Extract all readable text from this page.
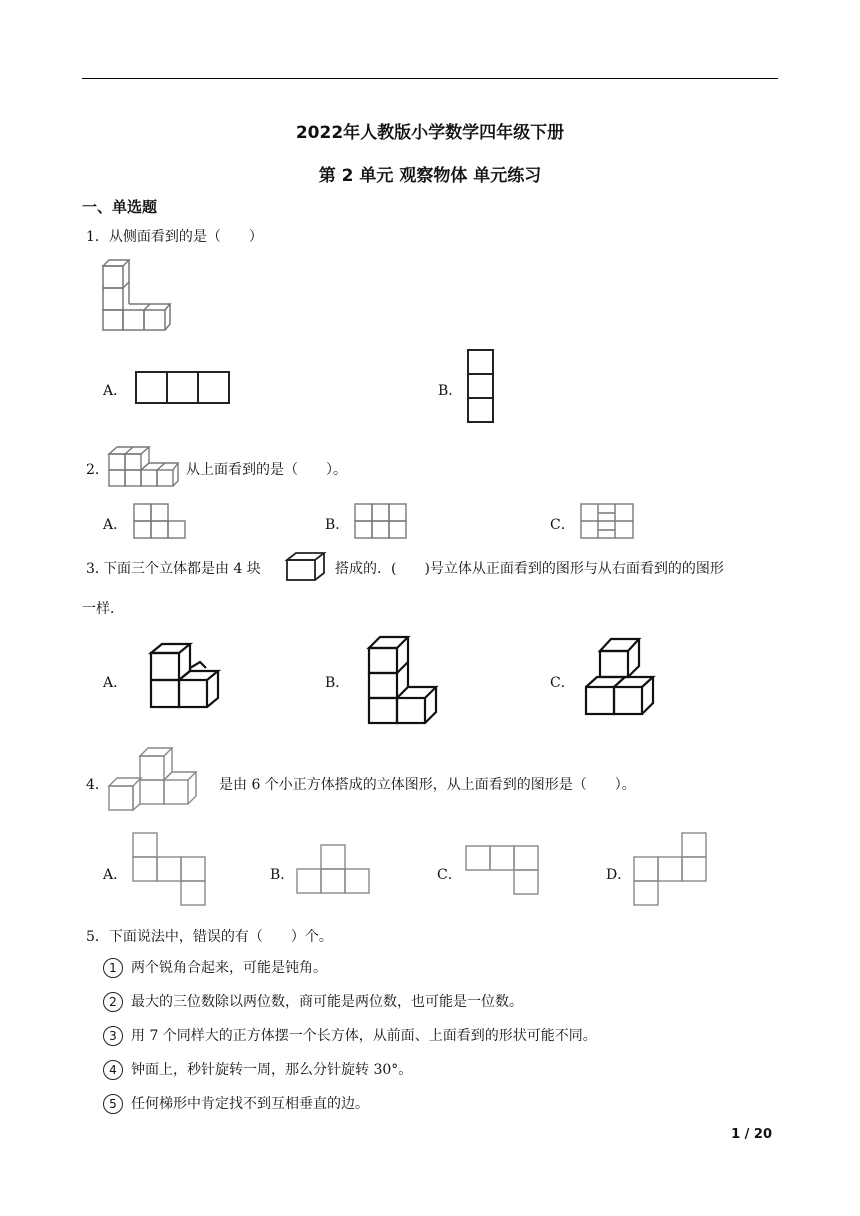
2022年人教版小学数学四年级下册
第 2 单元 观察物体 单元练习
一、单选题
1．从侧面看到的是（　　）
A．	B．
2．	从上面看到的是（　　）。
A．	B．	C．
3．
下面三个立体都是由 4 块	搭成的．(　　)号立体从正面看到的图形与从右面看到的的图形
一样．
A．	B．	C．
4．	是由 6 个小正方体搭成的立体图形，从上面看到的图形是（　　）。
A．	B．	C．	D．
5．下面说法中，错误的有（　　）个。
1 两个锐角合起来，可能是钝角。
2 最大的三位数除以两位数，商可能是两位数，也可能是一位数。
3 用 7 个同样大的正方体摆一个长方体，从前面、上面看到的形状可能不同。
4 钟面上，秒针旋转一周，那么分针旋转 30°。
5 任何梯形中肯定找不到互相垂直的边。
1 / 20
